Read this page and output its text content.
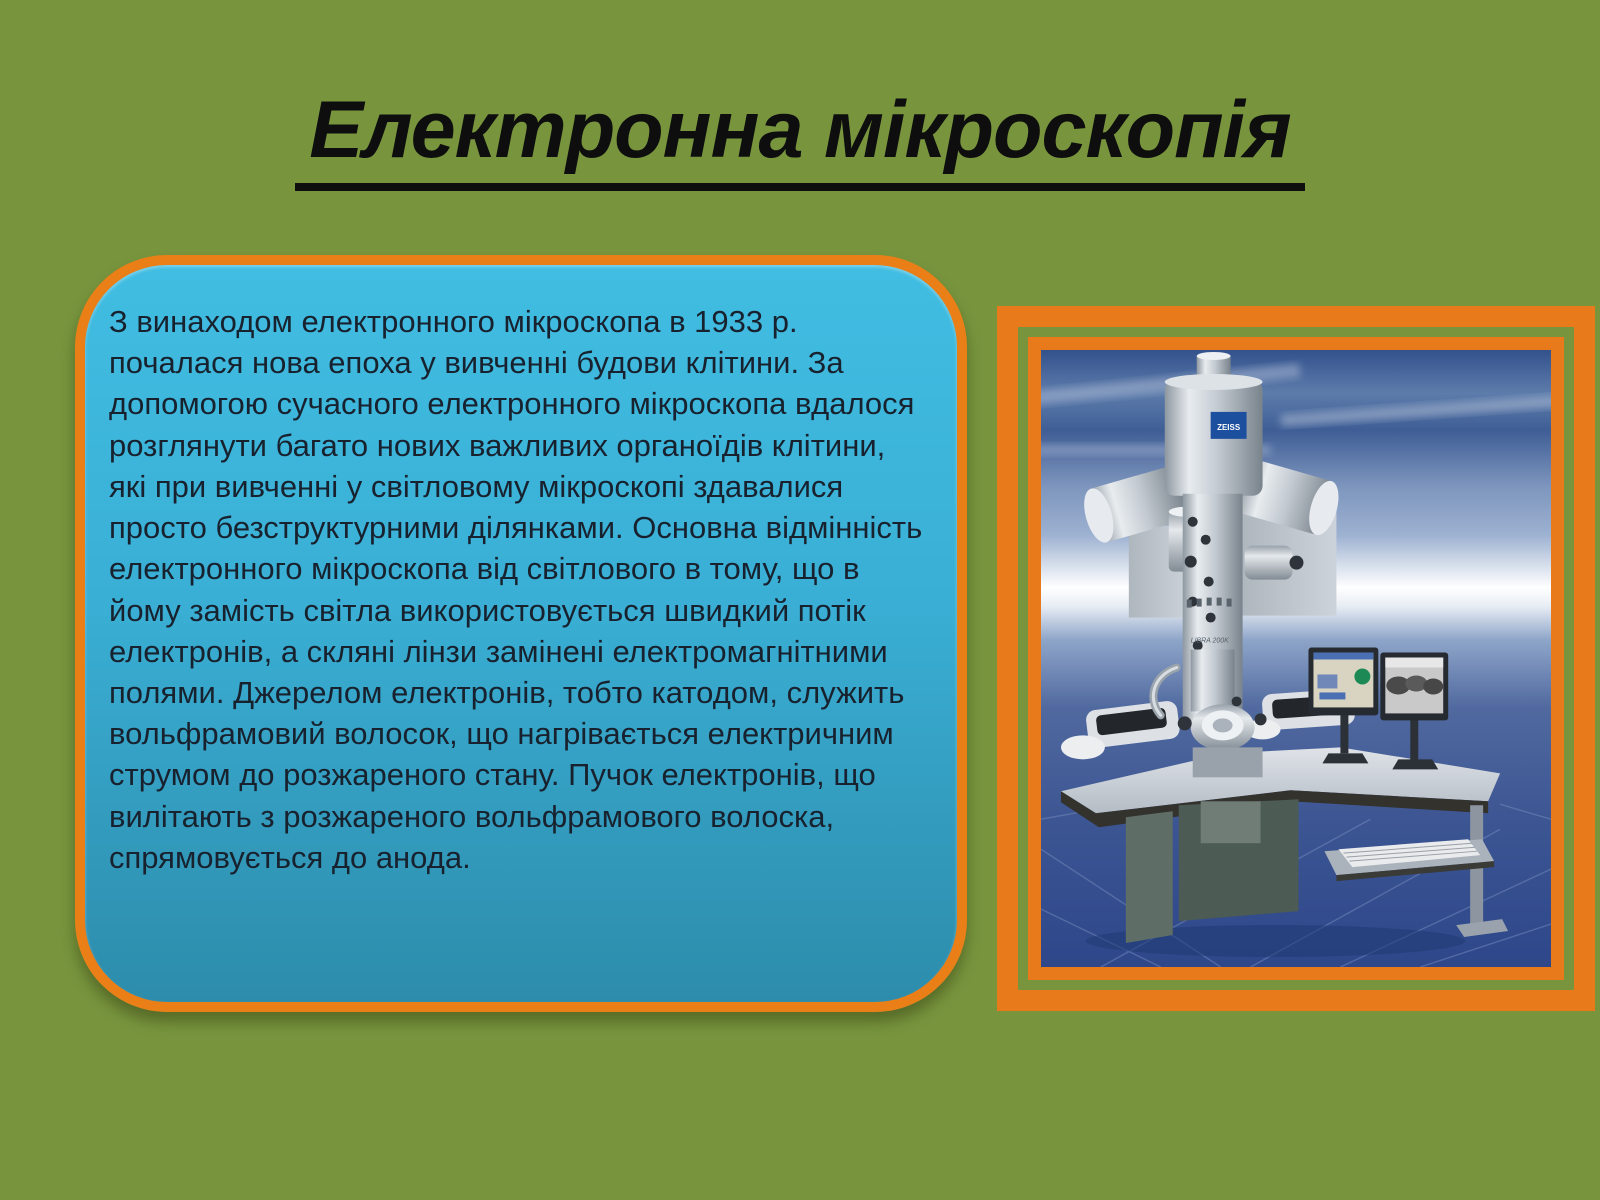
Електронна мікроскопія

З винаходом електронного мікроскопа в 1933 р. почалася нова епоха у вивченні будови клітини. За допомогою сучасного електронного мікроскопа вдалося розглянути багато нових важливих органоїдів клітини, які при вивченні у світловому мікроскопі здавалися просто безструктурними ділянками. Основна відмінність електронного мікроскопа від світлового в тому, що в йому замість світла використовується швидкий потік електронів, а скляні лінзи замінені електромагнітними полями. Джерелом електронів, тобто катодом, служить вольфрамовий волосок, що нагрівається електричним струмом до розжареного стану. Пучок електронів, що вилітають з розжареного вольфрамового волоска, спрямовується до анода.

ZEISS
LIBRA 200K
